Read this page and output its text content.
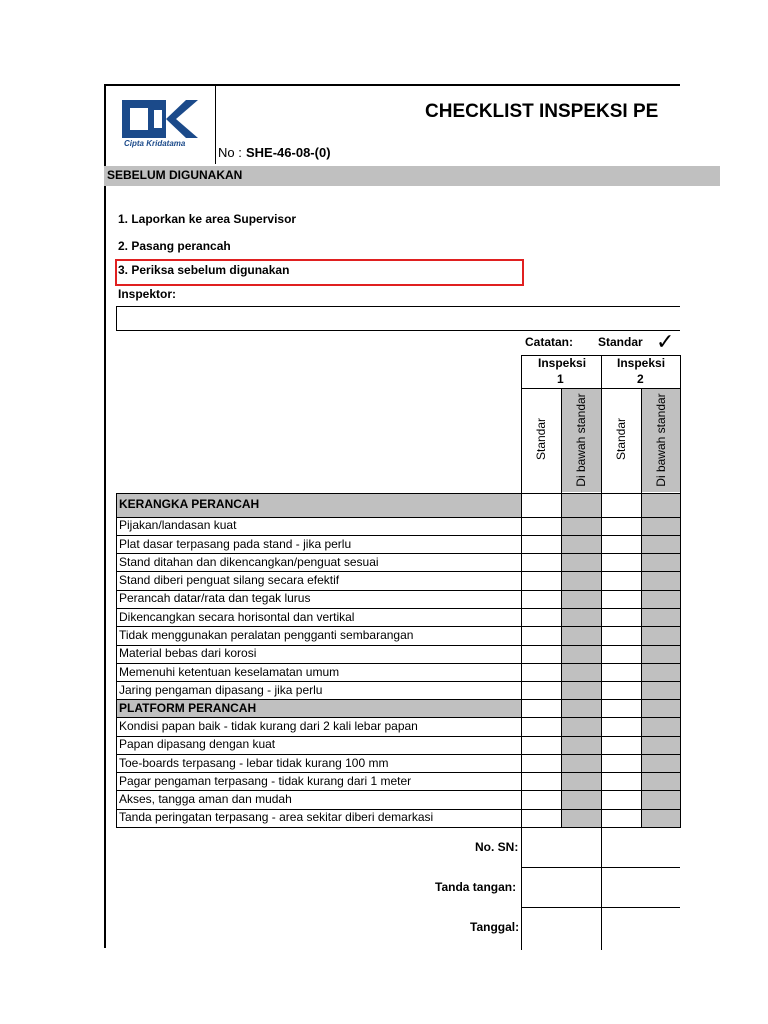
Cipta Kridatama
CHECKLIST INSPEKSI PE
No : SHE-46-08-(0)
SEBELUM DIGUNAKAN
1. Laporkan ke area Supervisor
2. Pasang perancah
3. Periksa sebelum digunakan
Inspektor:
Catatan: Standar ✓
Inspeksi
1
Inspeksi
2
Standar Di bawah standar Standar Di bawah standar
KERANGKA PERANCAH
PLATFORM PERANCAH
Pijakan/landasan kuat
Plat dasar terpasang pada stand - jika perlu
Stand ditahan dan dikencangkan/penguat sesuai
Stand diberi penguat silang secara efektif
Perancah datar/rata dan tegak lurus
Dikencangkan secara horisontal dan vertikal
Tidak menggunakan peralatan pengganti sembarangan
Material bebas dari korosi
Memenuhi ketentuan keselamatan umum
Jaring pengaman dipasang - jika perlu
Kondisi papan baik - tidak kurang dari 2 kali lebar papan
Papan dipasang dengan kuat
Toe-boards terpasang - lebar tidak kurang 100 mm
Pagar pengaman terpasang - tidak kurang dari 1 meter
Akses, tangga aman dan mudah
Tanda peringatan terpasang - area sekitar diberi demarkasi
No. SN:
Tanda tangan:
Tanggal:
